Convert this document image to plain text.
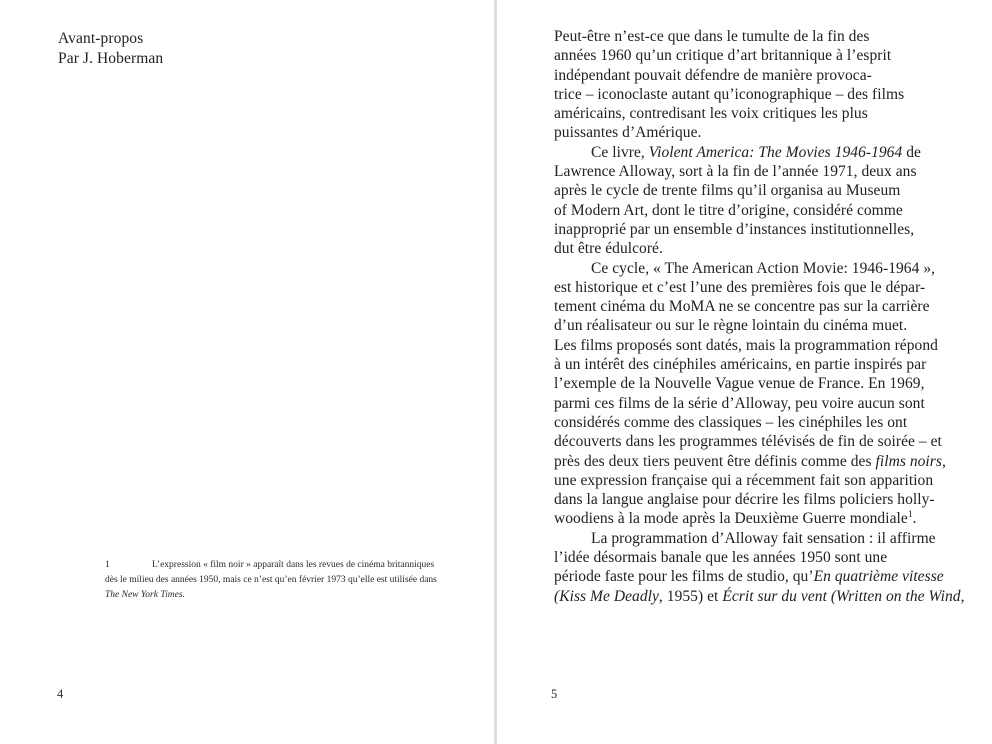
Avant-propos
Par J. Hoberman
1	L’expression « film noir » apparaît dans les revues de cinéma britanniques
dès le milieu des années 1950, mais ce n’est qu’en février 1973 qu’elle est utilisée dans
The New York Times.
4
Peut-être n’est-ce que dans le tumulte de la fin des
années 1960 qu’un critique d’art britannique à l’esprit
indépendant pouvait défendre de manière provoca-
trice – iconoclaste autant qu’iconographique – des films
américains, contredisant les voix critiques les plus
puissantes d’Amérique.
Ce livre, Violent America: The Movies 1946-1964 de
Lawrence Alloway, sort à la fin de l’année 1971, deux ans
après le cycle de trente films qu’il organisa au Museum
of Modern Art, dont le titre d’origine, considéré comme
inapproprié par un ensemble d’instances institutionnelles,
dut être édulcoré.
Ce cycle, « The American Action Movie: 1946-1964 »,
est historique et c’est l’une des premières fois que le dépar-
tement cinéma du MoMA ne se concentre pas sur la carrière
d’un réalisateur ou sur le règne lointain du cinéma muet.
Les films proposés sont datés, mais la programmation répond
à un intérêt des cinéphiles américains, en partie inspirés par
l’exemple de la Nouvelle Vague venue de France. En 1969,
parmi ces films de la série d’Alloway, peu voire aucun sont
considérés comme des classiques – les cinéphiles les ont
découverts dans les programmes télévisés de fin de soirée – et
près des deux tiers peuvent être définis comme des films noirs,
une expression française qui a récemment fait son apparition
dans la langue anglaise pour décrire les films policiers holly-
woodiens à la mode après la Deuxième Guerre mondiale$^1$.
La programmation d’Alloway fait sensation : il affirme
l’idée désormais banale que les années 1950 sont une
période faste pour les films de studio, qu’En quatrième vitesse
(Kiss Me Deadly, 1955) et Écrit sur du vent (Written on the Wind,
5
